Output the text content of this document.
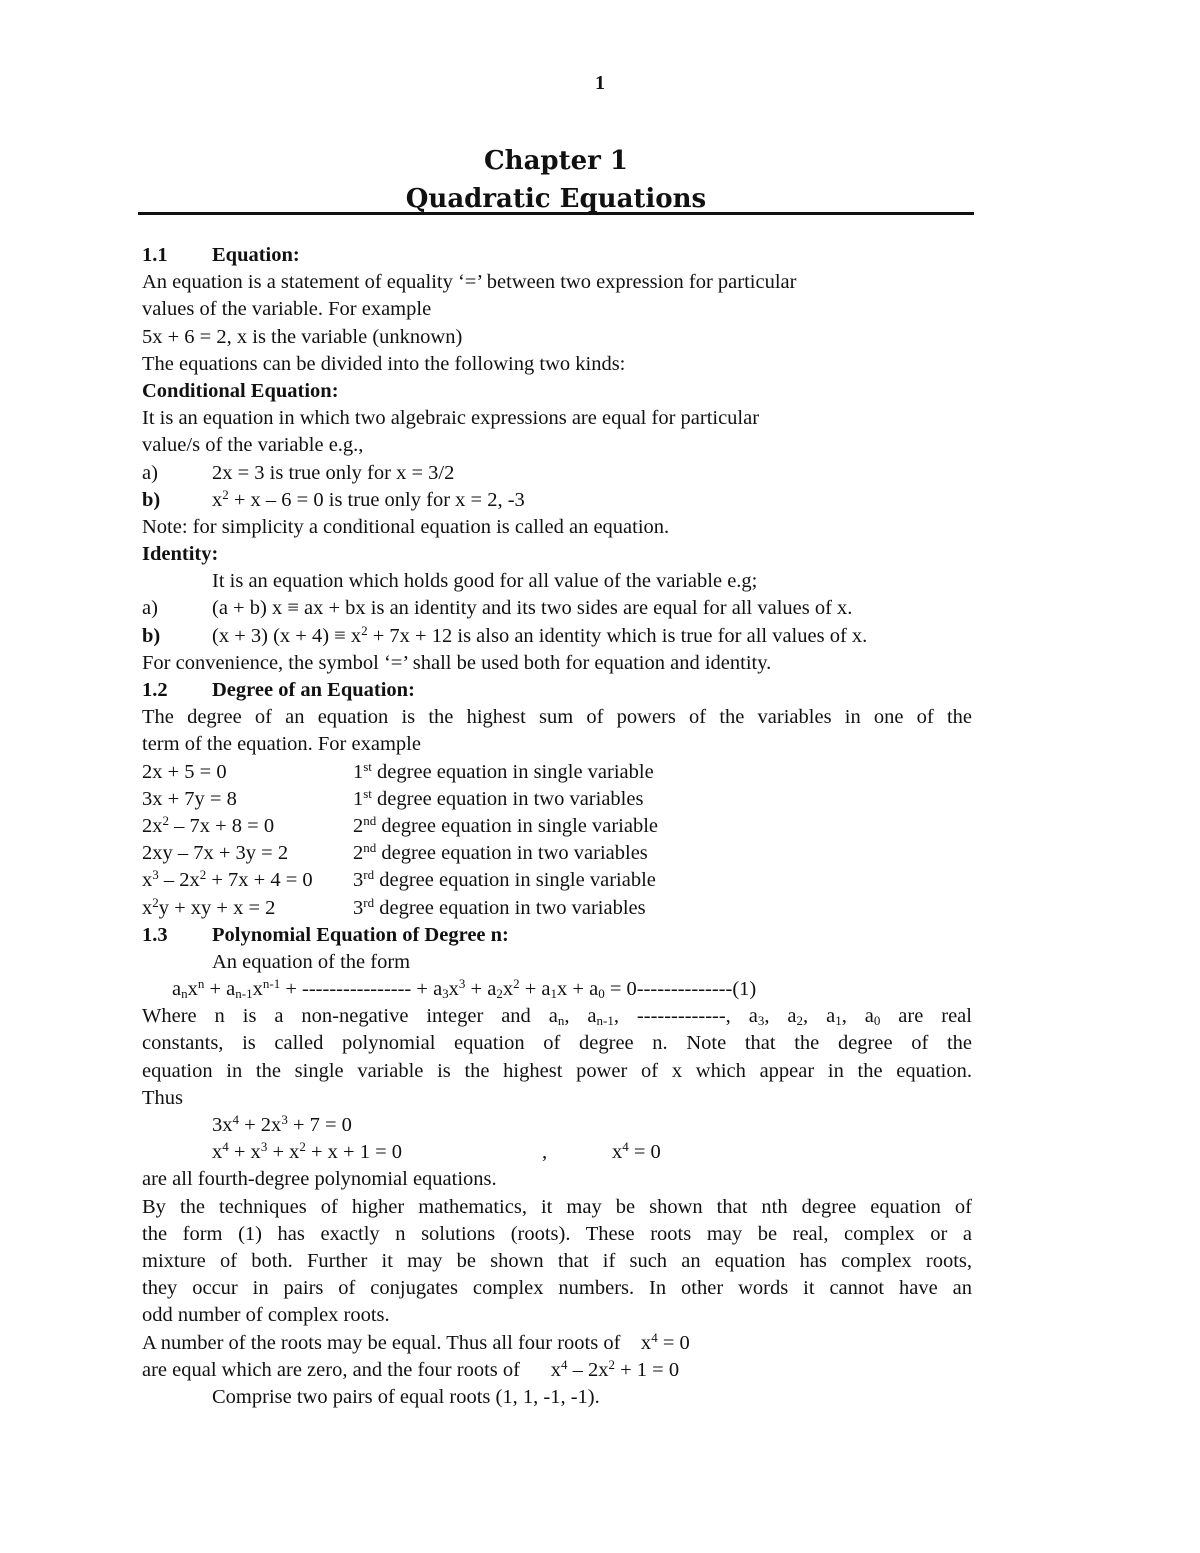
1
Chapter 1
Quadratic Equations
1.1 Equation:
An equation is a statement of equality ‘=’ between two expression for particular
values of the variable. For example
5x + 6 = 2, x is the variable (unknown)
The equations can be divided into the following two kinds:
Conditional Equation:
It is an equation in which two algebraic expressions are equal for particular
value/s of the variable e.g.,
a)	2x = 3 is true only for x = 3/2
b)	$x^2 + x - 6 = 0$ is true only for x = 2, -3
Note: for simplicity a conditional equation is called an equation.
Identity:
It is an equation which holds good for all value of the variable e.g;
a)	(a + b) x ≡ ax + bx is an identity and its two sides are equal for all values of x.
b)	(x + 3) $(x + 4) \equiv x^2 + 7x + 12$ is also an identity which is true for all values of x.
For convenience, the symbol ‘=’ shall be used both for equation and identity.
1.2 Degree of an Equation:
The degree of an equation is the highest sum of powers of the variables in one of the
term of the equation. For example
2x + 5 = 0	1st degree equation in single variable
3x + 7y = 8	1st degree equation in two variables
$2x^2 - 7x + 8 = 0$	2nd degree equation in single variable
2xy – 7x + 3y = 2	2nd degree equation in two variables
$x^3 - 2x^2 + 7x + 4 = 0$ 3rd degree equation in single variable
$x^2y$ + xy + x = 2	3rd degree equation in two variables
1.3 Polynomial Equation of Degree n:
An equation of the form
$a_nx^n + a_{n-1}x^{n-1}$ + ---------------- + $a_3x^3 + a_2x^2 + a_1x + a_0 = 0--------------(1)$
Where n is a non-negative integer and $a_n$, $a_{n-1}$, -------------, $a_3$, $a_2$, $a_1$, $a_0$ are real
constants, is called polynomial equation of degree n. Note that the degree of the
equation in the single variable is the highest power of x which appear in the equation.
Thus
$3x^4 + 2x^3 + 7 = 0$
$x^4 + x^3 + x^2 + x + 1 = 0$	,	$x^4 = 0$
are all fourth-degree polynomial equations.
By the techniques of higher mathematics, it may be shown that nth degree equation of
the form (1) has exactly n solutions (roots). These roots may be real, complex or a
mixture of both. Further it may be shown that if such an equation has complex roots,
they occur in pairs of conjugates complex numbers. In other words it cannot have an
odd number of complex roots.
A number of the roots may be equal. Thus all four roots of    $x^4 = 0$
are equal which are zero, and the four roots of      $x^4 - 2x^2 + 1 = 0$
Comprise two pairs of equal roots (1, 1, -1, -1).
